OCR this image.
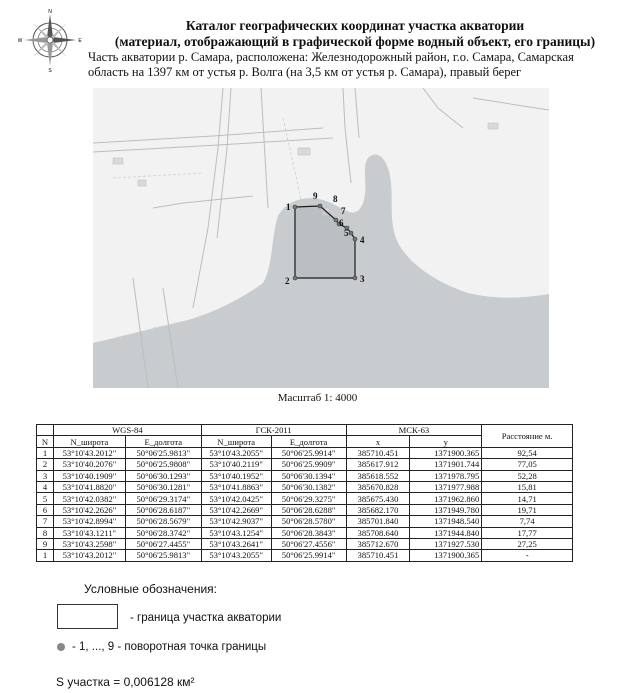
N
S
E
W
Каталог географических координат участка акватории
(материал, отображающий в графической форме водный объект, его границы)
Часть акватории р. Самара, расположена: Железнодорожный район, г.о. Самара, Самарская
область на 1397 км от устья р. Волга (на 3,5 км от устья р. Самара), правый берег
1
2	3
4
5
6
7
8
9
Масштаб 1: 4000
	WGS-84		ГСК-2011		МСК-63		Расстояние м.
N	N_широта	E_долгота	N_широта	E_долгота	x	y	
1	53°10'43.2012"	50°06'25.9813"	53°10'43.2055"	50°06'25.9914"	385710.451	1371900.365	92,54
2	53°10'40.2076"	50°06'25.9808"	53°10'40.2119"	50°06'25.9909"	385617.912	1371901.744	77,05
3	53°10'40.1909"	50°06'30.1293"	53°10'40.1952"	50°06'30.1394"	385618.552	1371978.795	52,28
4	53°10'41.8820"	50°06'30.1281"	53°10'41.8863"	50°06'30.1382"	385670.828	1371977.988	15,81
5	53°10'42.0382"	50°06'29.3174"	53°10'42.0425"	50°06'29.3275"	385675.430	1371962.860	14,71
6	53°10'42.2626"	50°06'28.6187"	53°10'42.2669"	50°06'28.6288"	385682.170	1371949.780	19,71
7	53°10'42.8994"	50°06'28.5679"	53°10'42.9037"	50°06'28.5780"	385701.840	1371948.540	7,74
8	53°10'43.1211"	50°06'28.3742"	53°10'43.1254"	50°06'28.3843"	385708.640	1371944.840	17,77
9	53°10'43.2598"	50°06'27.4455"	53°10'43.2641"	50°06'27.4556"	385712.670	1371927.530	27,25
1	53°10'43.2012"	50°06'25.9813"	53°10'43.2055"	50°06'25.9914"	385710.451	1371900.365	-
Условные обозначения:
- граница участка акватории
- 1, ..., 9 - поворотная точка границы
S участка = 0,006128 км²
